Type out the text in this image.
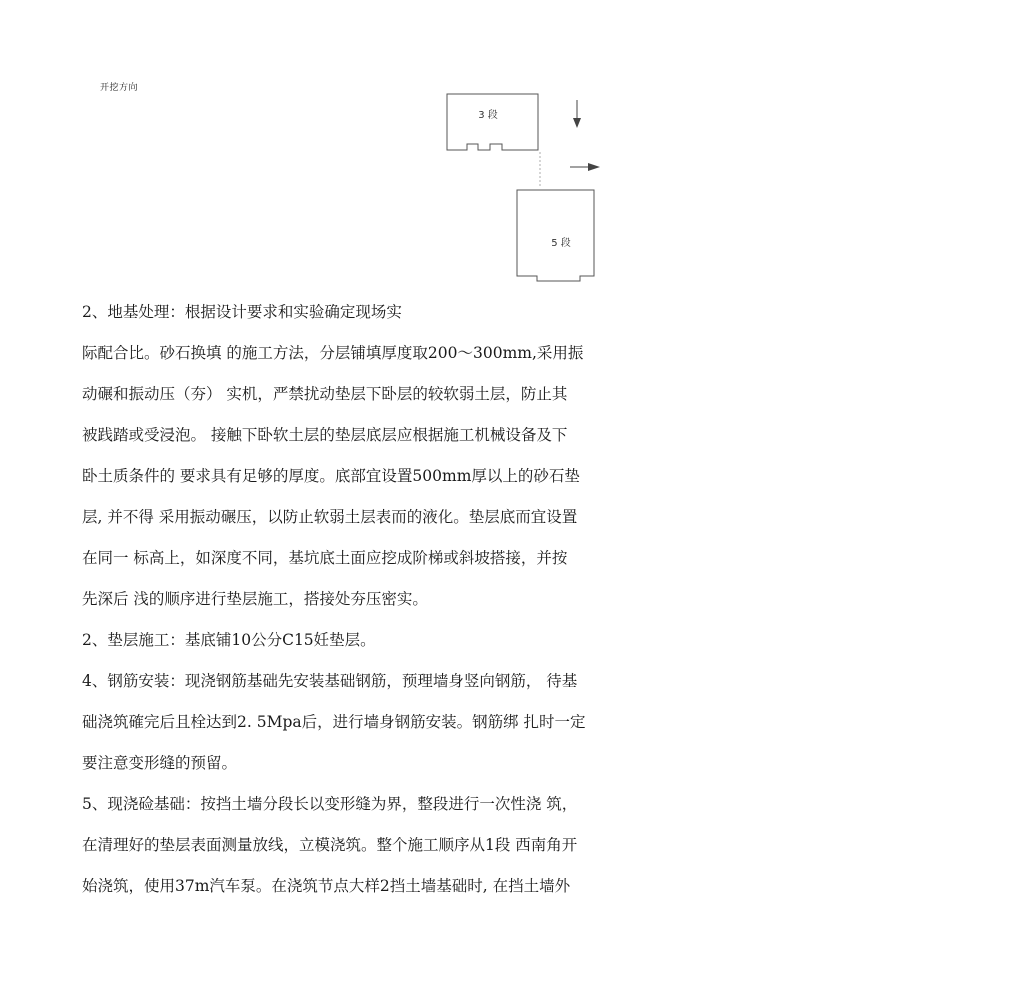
开挖方向
3 段
5 段
2、地基处理：根据设计要求和实验确定现场实
际配合比。砂石换填 的施工方法，分层铺填厚度取200～300mm,采用振
动碾和振动压（夯） 实机，严禁扰动垫层下卧层的较软弱土层，防止其
被践踏或受浸泡。 接触下卧软土层的垫层底层应根据施工机械设备及下
卧土质条件的 要求具有足够的厚度。底部宜设置500mm厚以上的砂石垫
层, 并不得 采用振动碾压，以防止软弱土层表而的液化。垫层底而宜设置
在同一 标高上，如深度不同，基坑底土面应挖成阶梯或斜坡搭接，并按
先深后 浅的顺序进行垫层施工，搭接处夯压密实。
2、垫层施工：基底铺10公分C15妊垫层。
4、钢筋安装：现浇钢筋基础先安装基础钢筋，预理墙身竖向钢筋， 待基
础浇筑確完后且栓达到2. 5Mpa后，进行墙身钢筋安装。钢筋绑 扎时一定
要注意变形缝的预留。
5、现浇硷基础：按挡土墙分段长以变形缝为界，整段进行一次性浇 筑，
在清理好的垫层表面测量放线，立模浇筑。整个施工顺序从1段 西南角开
始浇筑，使用37m汽车泵。在浇筑节点大样2挡土墙基础时, 在挡土墙外
